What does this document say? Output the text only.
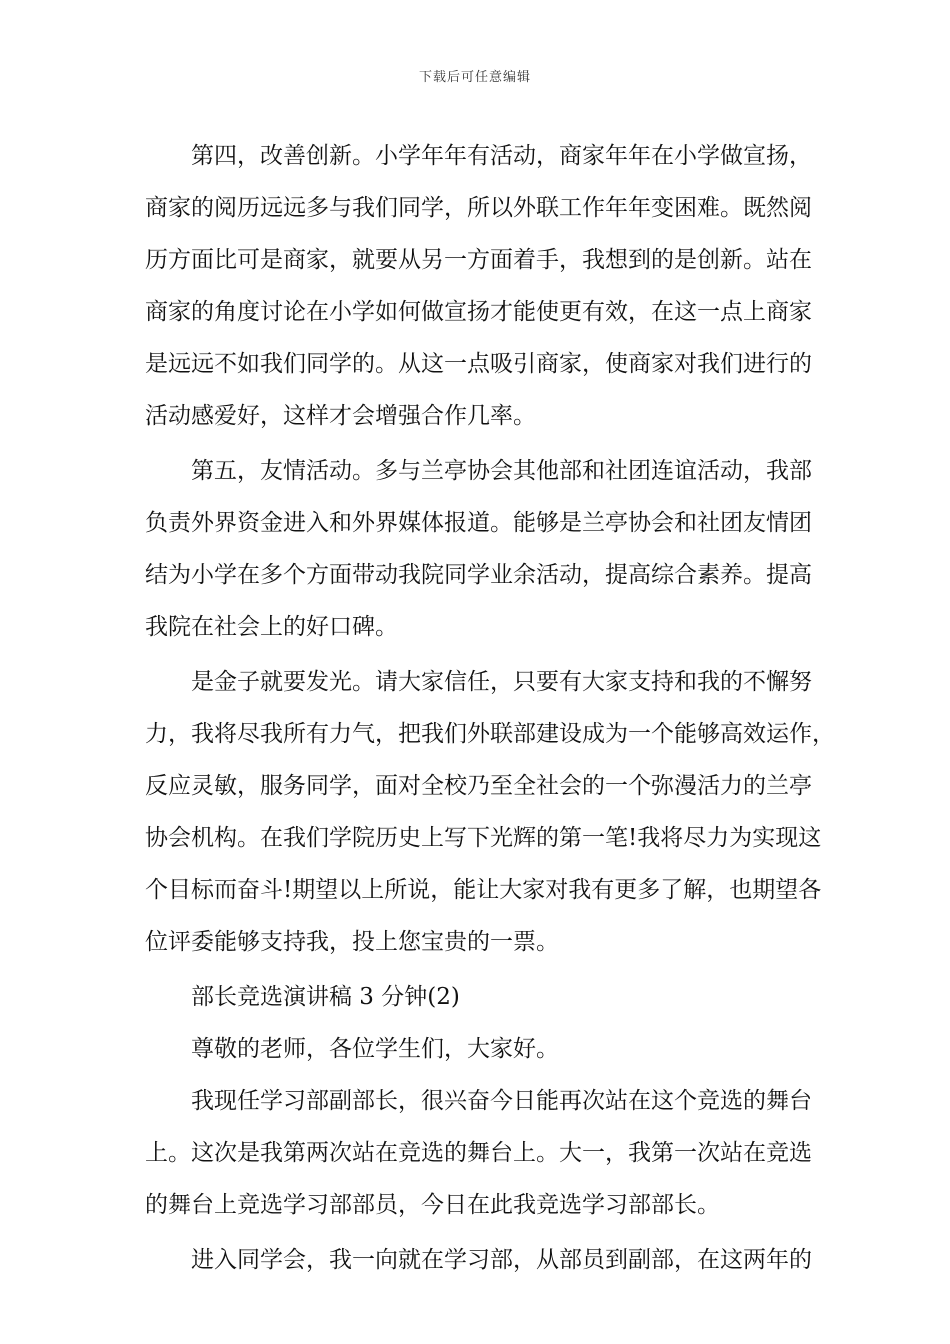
下载后可任意编辑
第四，改善创新。小学年年有活动，商家年年在小学做宣扬，
商家的阅历远远多与我们同学，所以外联工作年年变困难。既然阅
历方面比可是商家，就要从另一方面着手，我想到的是创新。站在
商家的角度讨论在小学如何做宣扬才能使更有效，在这一点上商家
是远远不如我们同学的。从这一点吸引商家，使商家对我们进行的
活动感爱好，这样才会增强合作几率。
第五，友情活动。多与兰亭协会其他部和社团连谊活动，我部
负责外界资金进入和外界媒体报道。能够是兰亭协会和社团友情团
结为小学在多个方面带动我院同学业余活动，提高综合素养。提高
我院在社会上的好口碑。
是金子就要发光。请大家信任，只要有大家支持和我的不懈努
力，我将尽我所有力气，把我们外联部建设成为一个能够高效运作，
反应灵敏，服务同学，面对全校乃至全社会的一个弥漫活力的兰亭
协会机构。在我们学院历史上写下光辉的第一笔!我将尽力为实现这
个目标而奋斗!期望以上所说，能让大家对我有更多了解，也期望各
位评委能够支持我，投上您宝贵的一票。
部长竞选演讲稿 3 分钟(2)
尊敬的老师，各位学生们，大家好。
我现任学习部副部长，很兴奋今日能再次站在这个竞选的舞台
上。这次是我第两次站在竞选的舞台上。大一，我第一次站在竞选
的舞台上竞选学习部部员，今日在此我竞选学习部部长。
进入同学会，我一向就在学习部，从部员到副部，在这两年的
